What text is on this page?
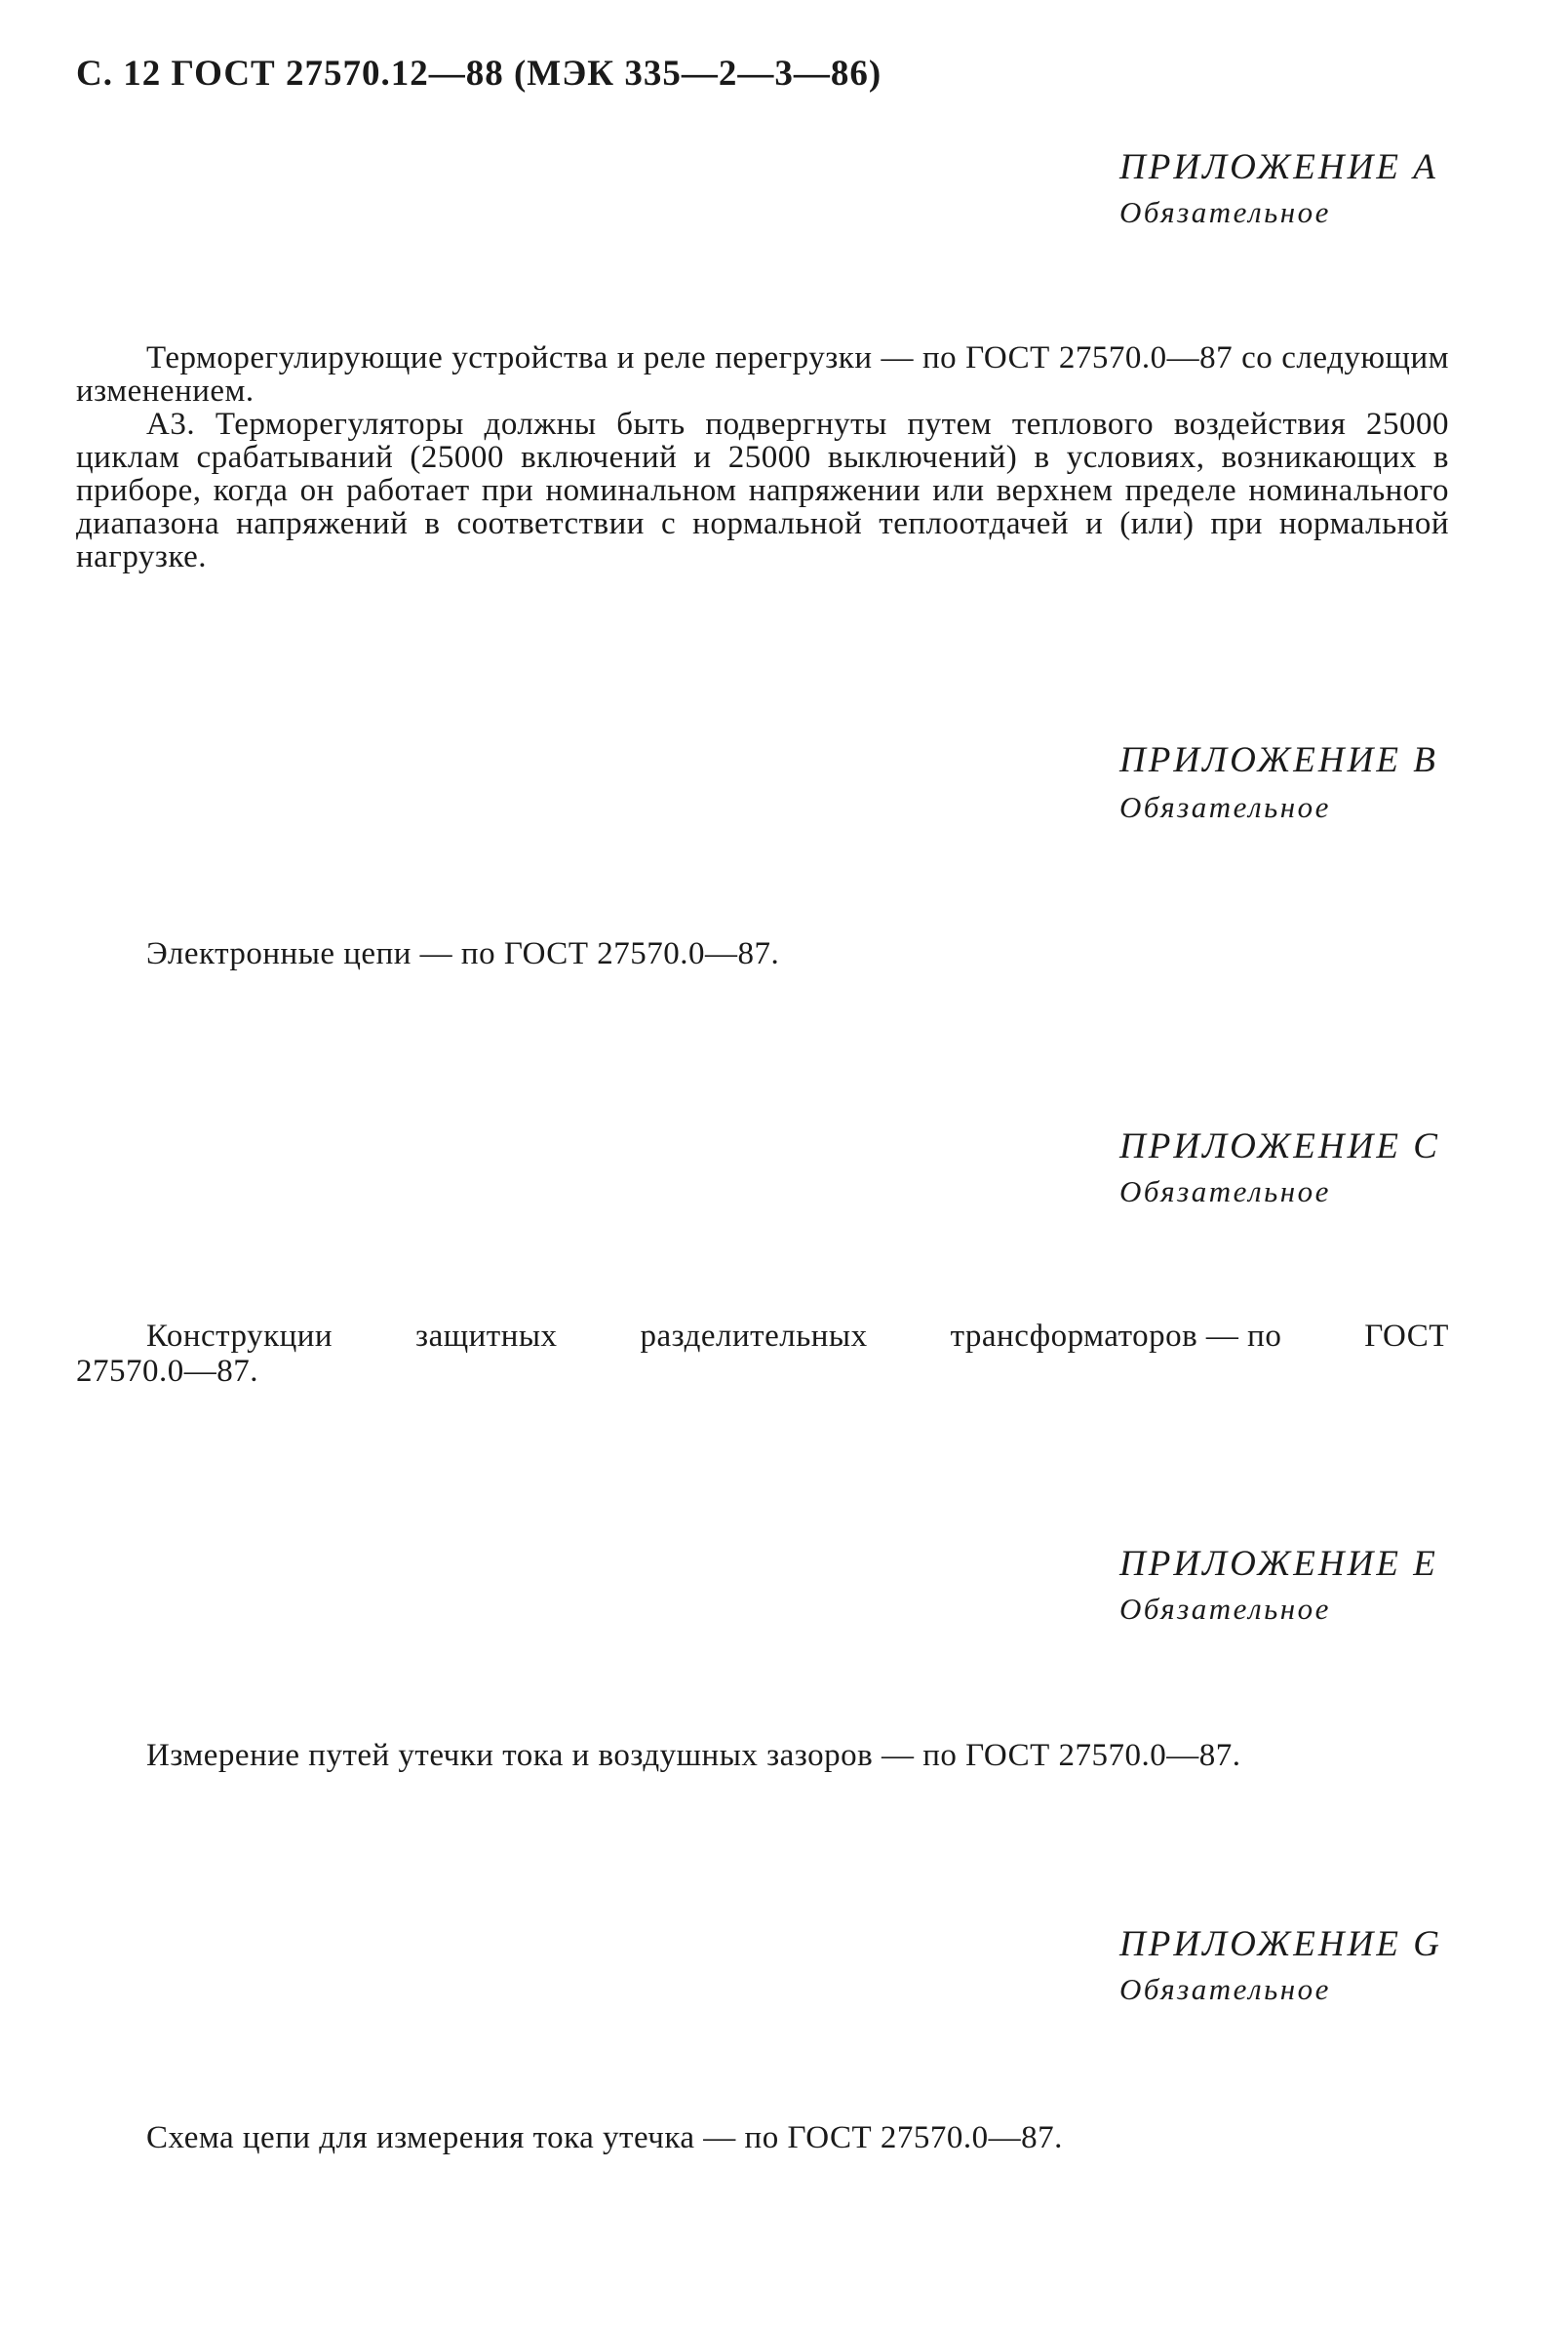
С. 12 ГОСТ 27570.12—88 (МЭК 335—2—3—86)
ПРИЛОЖЕНИЕ A
Обязательное

Терморегулирующие устройства и реле перегрузки — по ГОСТ 27570.0—87 со следующим изменением.

А3. Терморегуляторы должны быть подвергнуты путем теплового воздействия 25000 циклам срабатываний (25000 включений и 25000 выключений) в условиях, возникающих в приборе, когда он работает при номинальном напряжении или верхнем пределе номинального диапазона напряжений в соответствии с нормальной теплоотдачей и (или) при нормальной нагрузке.

ПРИЛОЖЕНИЕ B
Обязательное
Электронные цепи — по ГОСТ 27570.0—87.
ПРИЛОЖЕНИЕ C
Обязательное
Конструкции	защитных	разделительных	трансформаторов — по	ГОСТ
27570.0—87.
ПРИЛОЖЕНИЕ E
Обязательное
Измерение путей утечки тока и воздушных зазоров — по ГОСТ 27570.0—87.
ПРИЛОЖЕНИЕ G
Обязательное
Схема цепи для измерения тока утечка — по ГОСТ 27570.0—87.
